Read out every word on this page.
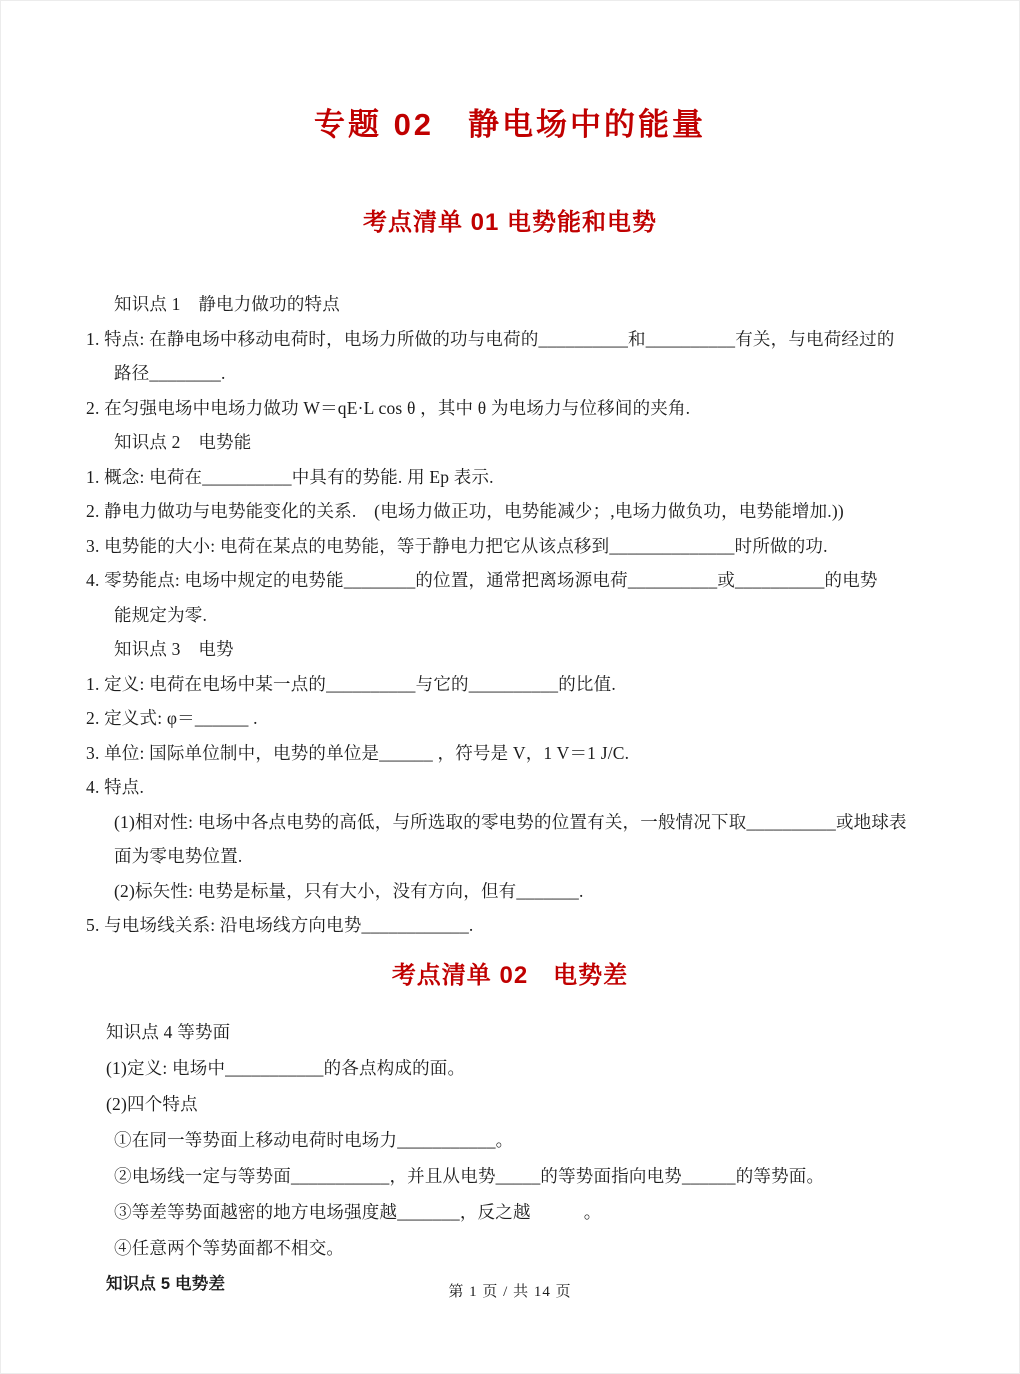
专题 02　静电场中的能量
考点清单 01 电势能和电势
知识点 1　静电力做功的特点
1. 特点: 在静电场中移动电荷时，电场力所做的功与电荷的__________和__________有关，与电荷经过的
路径________.
2. 在匀强电场中电场力做功 W＝qE·L cos θ ，其中 θ 为电场力与位移间的夹角.
知识点 2　电势能
1. 概念: 电荷在__________中具有的势能. 用 Ep 表示.
2. 静电力做功与电势能变化的关系.　(电场力做正功，电势能减少；,电场力做负功，电势能增加.))
3. 电势能的大小: 电荷在某点的电势能，等于静电力把它从该点移到______________时所做的功.
4. 零势能点: 电场中规定的电势能________的位置，通常把离场源电荷__________或__________的电势
能规定为零.
知识点 3　电势
1. 定义: 电荷在电场中某一点的__________与它的__________的比值.
2. 定义式: φ＝______ .
3. 单位: 国际单位制中，电势的单位是______ ，符号是 V，1 V＝1 J/C.
4. 特点.
(1)相对性: 电场中各点电势的高低，与所选取的零电势的位置有关，一般情况下取__________或地球表
面为零电势位置.
(2)标矢性: 电势是标量，只有大小，没有方向，但有_______.
5. 与电场线关系: 沿电场线方向电势____________.
考点清单 02　电势差
知识点 4 等势面
(1)定义: 电场中___________的各点构成的面。
(2)四个特点
①在同一等势面上移动电荷时电场力___________。
②电场线一定与等势面___________，并且从电势_____的等势面指向电势______的等势面。
③等差等势面越密的地方电场强度越_______，反之越　　　。
④任意两个等势面都不相交。
知识点 5 电势差	第 1 页 / 共 14 页
